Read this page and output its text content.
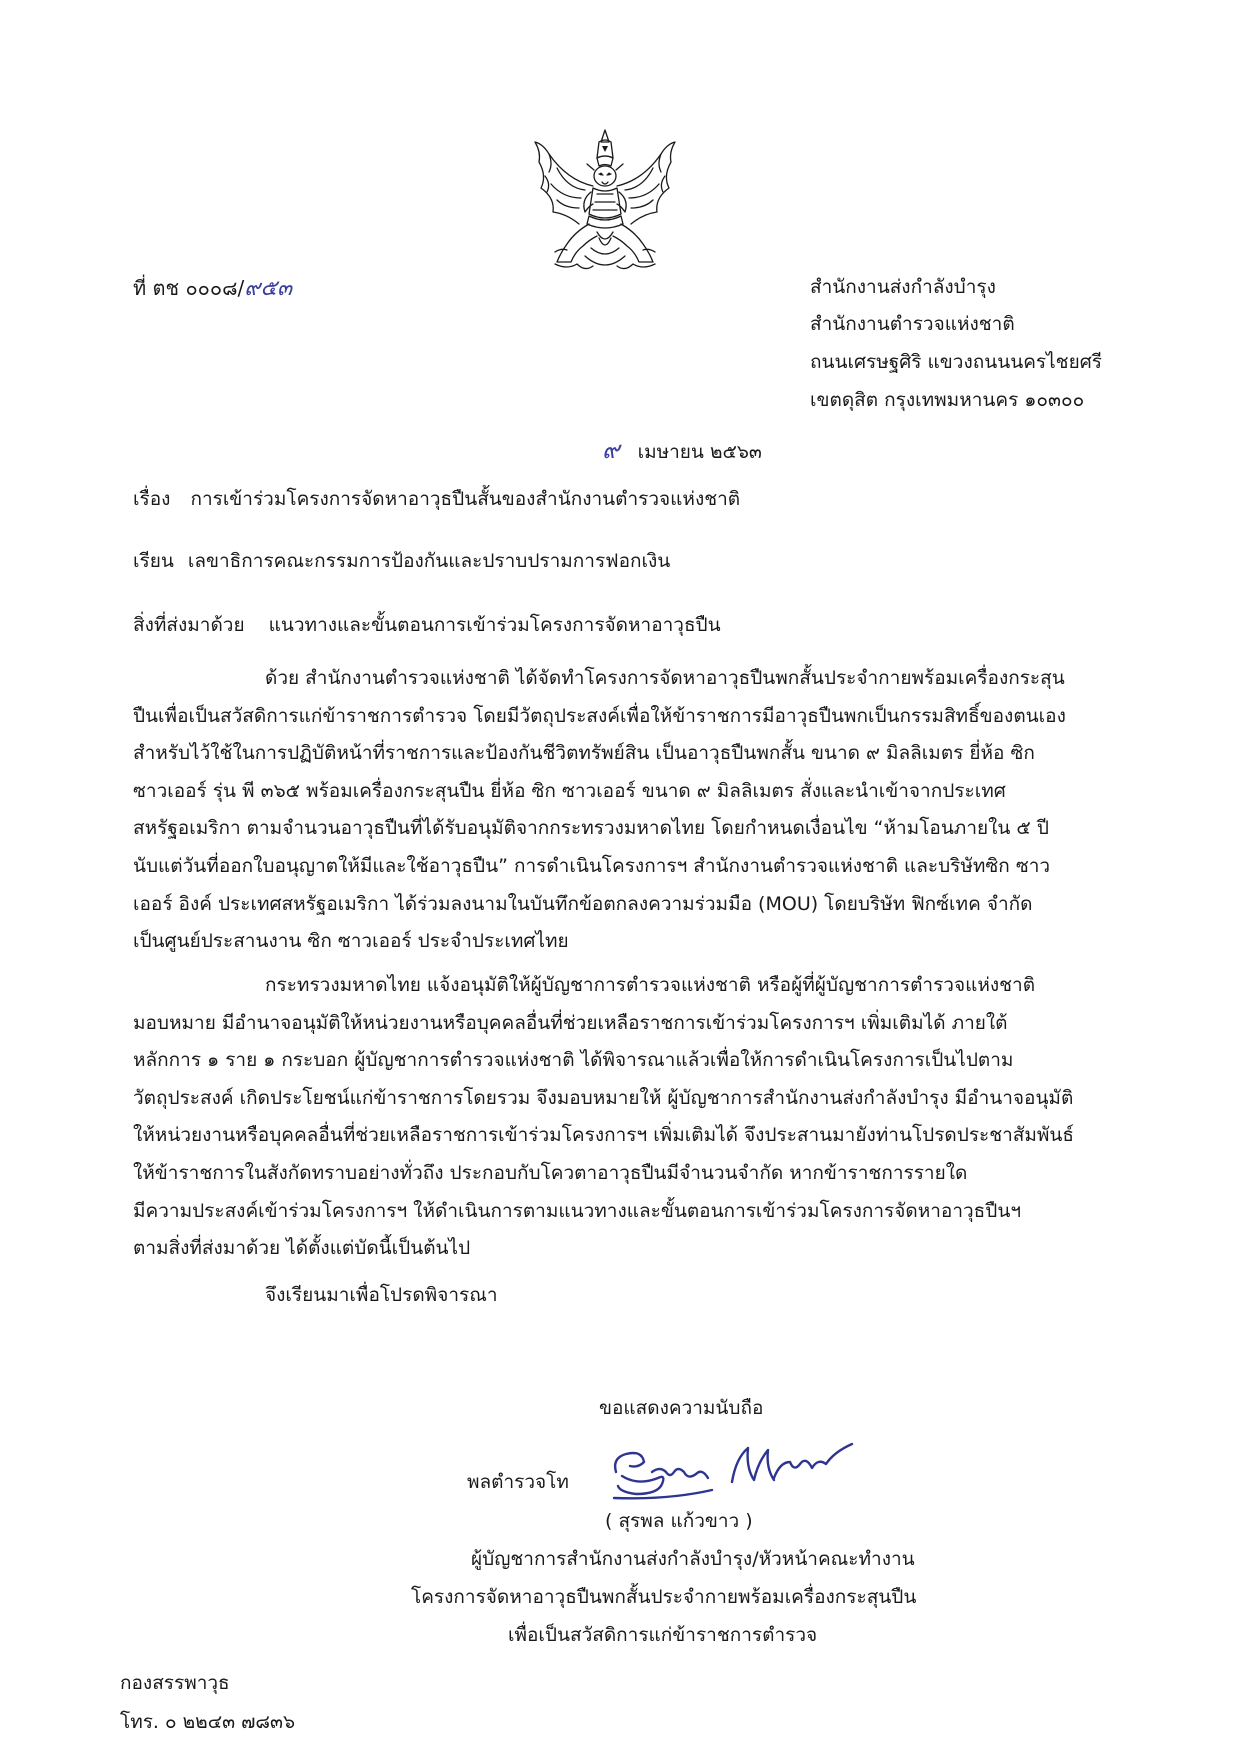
ที่ ตช ๐๐๐๘/๙๕๓	สำนักงานส่งกำลังบำรุง
สำนักงานตำรวจแห่งชาติ
ถนนเศรษฐศิริ แขวงถนนนครไชยศรี
เขตดุสิต กรุงเทพมหานคร ๑๐๓๐๐
๙ เมษายน ๒๕๖๓
เรื่อง การเข้าร่วมโครงการจัดหาอาวุธปืนสั้นของสำนักงานตำรวจแห่งชาติ
เรียน เลขาธิการคณะกรรมการป้องกันและปราบปรามการฟอกเงิน
สิ่งที่ส่งมาด้วย แนวทางและขั้นตอนการเข้าร่วมโครงการจัดหาอาวุธปืน
ด้วย สำนักงานตำรวจแห่งชาติ ได้จัดทำโครงการจัดหาอาวุธปืนพกสั้นประจำกายพร้อมเครื่องกระสุน
ปืนเพื่อเป็นสวัสดิการแก่ข้าราชการตำรวจ โดยมีวัตถุประสงค์เพื่อให้ข้าราชการมีอาวุธปืนพกเป็นกรรมสิทธิ์ของตนเอง
สำหรับไว้ใช้ในการปฏิบัติหน้าที่ราชการและป้องกันชีวิตทรัพย์สิน เป็นอาวุธปืนพกสั้น ขนาด ๙ มิลลิเมตร ยี่ห้อ ซิก
ซาวเออร์ รุ่น พี ๓๖๕ พร้อมเครื่องกระสุนปืน ยี่ห้อ ซิก ซาวเออร์ ขนาด ๙ มิลลิเมตร สั่งและนำเข้าจากประเทศ
สหรัฐอเมริกา ตามจำนวนอาวุธปืนที่ได้รับอนุมัติจากกระทรวงมหาดไทย โดยกำหนดเงื่อนไข “ห้ามโอนภายใน ๕ ปี
นับแต่วันที่ออกใบอนุญาตให้มีและใช้อาวุธปืน” การดำเนินโครงการฯ สำนักงานตำรวจแห่งชาติ และบริษัทซิก ซาว
เออร์ อิงค์ ประเทศสหรัฐอเมริกา ได้ร่วมลงนามในบันทึกข้อตกลงความร่วมมือ (MOU) โดยบริษัท ฟิกซ์เทค จำกัด
เป็นศูนย์ประสานงาน ซิก ซาวเออร์ ประจำประเทศไทย
กระทรวงมหาดไทย แจ้งอนุมัติให้ผู้บัญชาการตำรวจแห่งชาติ หรือผู้ที่ผู้บัญชาการตำรวจแห่งชาติ
มอบหมาย มีอำนาจอนุมัติให้หน่วยงานหรือบุคคลอื่นที่ช่วยเหลือราชการเข้าร่วมโครงการฯ เพิ่มเติมได้ ภายใต้
หลักการ ๑ ราย ๑ กระบอก ผู้บัญชาการตำรวจแห่งชาติ ได้พิจารณาแล้วเพื่อให้การดำเนินโครงการเป็นไปตาม
วัตถุประสงค์ เกิดประโยชน์แก่ข้าราชการโดยรวม จึงมอบหมายให้ ผู้บัญชาการสำนักงานส่งกำลังบำรุง มีอำนาจอนุมัติ
ให้หน่วยงานหรือบุคคลอื่นที่ช่วยเหลือราชการเข้าร่วมโครงการฯ เพิ่มเติมได้ จึงประสานมายังท่านโปรดประชาสัมพันธ์
ให้ข้าราชการในสังกัดทราบอย่างทั่วถึง ประกอบกับโควตาอาวุธปืนมีจำนวนจำกัด หากข้าราชการรายใด
มีความประสงค์เข้าร่วมโครงการฯ ให้ดำเนินการตามแนวทางและขั้นตอนการเข้าร่วมโครงการจัดหาอาวุธปืนฯ
ตามสิ่งที่ส่งมาด้วย ได้ตั้งแต่บัดนี้เป็นต้นไป
จึงเรียนมาเพื่อโปรดพิจารณา
ขอแสดงความนับถือ
พลตำรวจโท
( สุรพล แก้วขาว )
ผู้บัญชาการสำนักงานส่งกำลังบำรุง/หัวหน้าคณะทำงาน
โครงการจัดหาอาวุธปืนพกสั้นประจำกายพร้อมเครื่องกระสุนปืน
เพื่อเป็นสวัสดิการแก่ข้าราชการตำรวจ
กองสรรพาวุธ
โทร. ๐ ๒๒๔๓ ๗๘๓๖
